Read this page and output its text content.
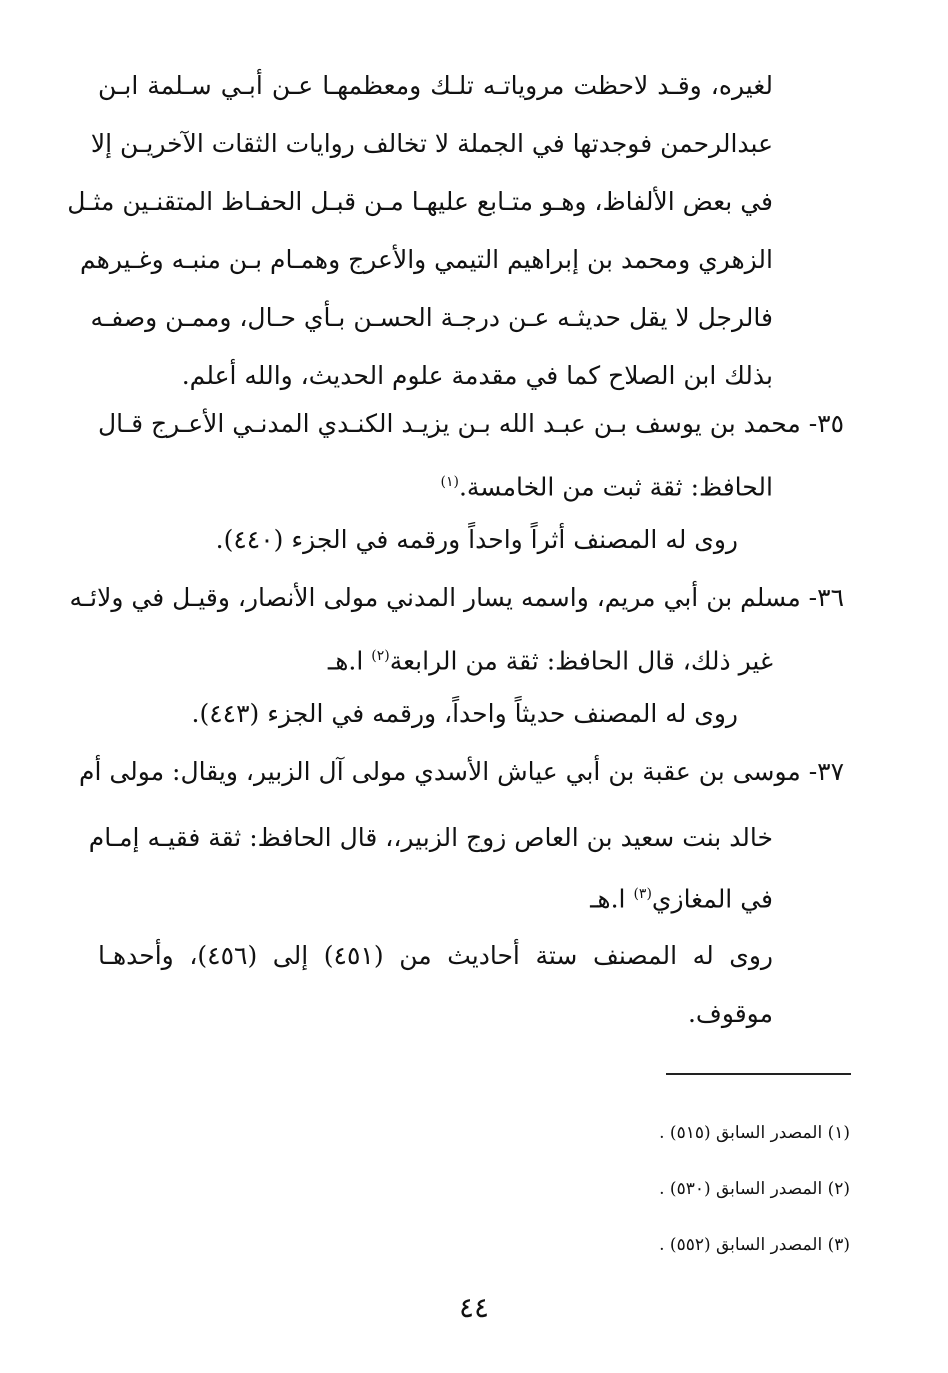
لغيره، وقـد لاحظت مروياتـه تلـك ومعظمهـا عـن أبـي سـلمة ابـن
عبدالرحمن فوجدتها في الجملة لا تخالف روايات الثقات الآخريـن إلا
في بعض الألفاظ، وهـو متـابع عليهـا مـن قبـل الحفـاظ المتقنـين مثـل
الزهري ومحمد بن إبراهيم التيمي والأعرج وهمـام بـن منبـه وغـيرهم
فالرجل لا يقل حديثـه عـن درجـة الحسـن بـأي حـال، وممـن وصفـه
بذلك ابن الصلاح كما في مقدمة علوم الحديث، والله أعلم.
٣٥- محمد بن يوسف بـن عبـد الله بـن يزيـد الكنـدي المدنـي الأعـرج قـال
الحافظ: ثقة ثبت من الخامسة.$^{(١)}$
روى له المصنف أثراً واحداً ورقمه في الجزء (٤٤٠).
٣٦- مسلم بن أبي مريم، واسمه يسار المدني مولى الأنصار، وقيـل في ولائـه
غير ذلك، قال الحافظ: ثقة من الرابعة$^{(٢)}$ ا.هـ
روى له المصنف حديثاً واحداً، ورقمه في الجزء (٤٤٣).
٣٧- موسى بن عقبة بن أبي عياش الأسدي مولى آل الزبير، ويقال: مولى أم
خالد بنت سعيد بن العاص زوج الزبير،، قال الحافظ: ثقة فقيـه إمـام
في المغازي$^{(٣)}$ ا.هـ
روى له المصنف ستة أحاديث من (٤٥١) إلى (٤٥٦)، وأحدهـا
موقوف.
(١) المصدر السابق (٥١٥) .
(٢) المصدر السابق (٥٣٠) .
(٣) المصدر السابق (٥٥٢) .
٤٤
